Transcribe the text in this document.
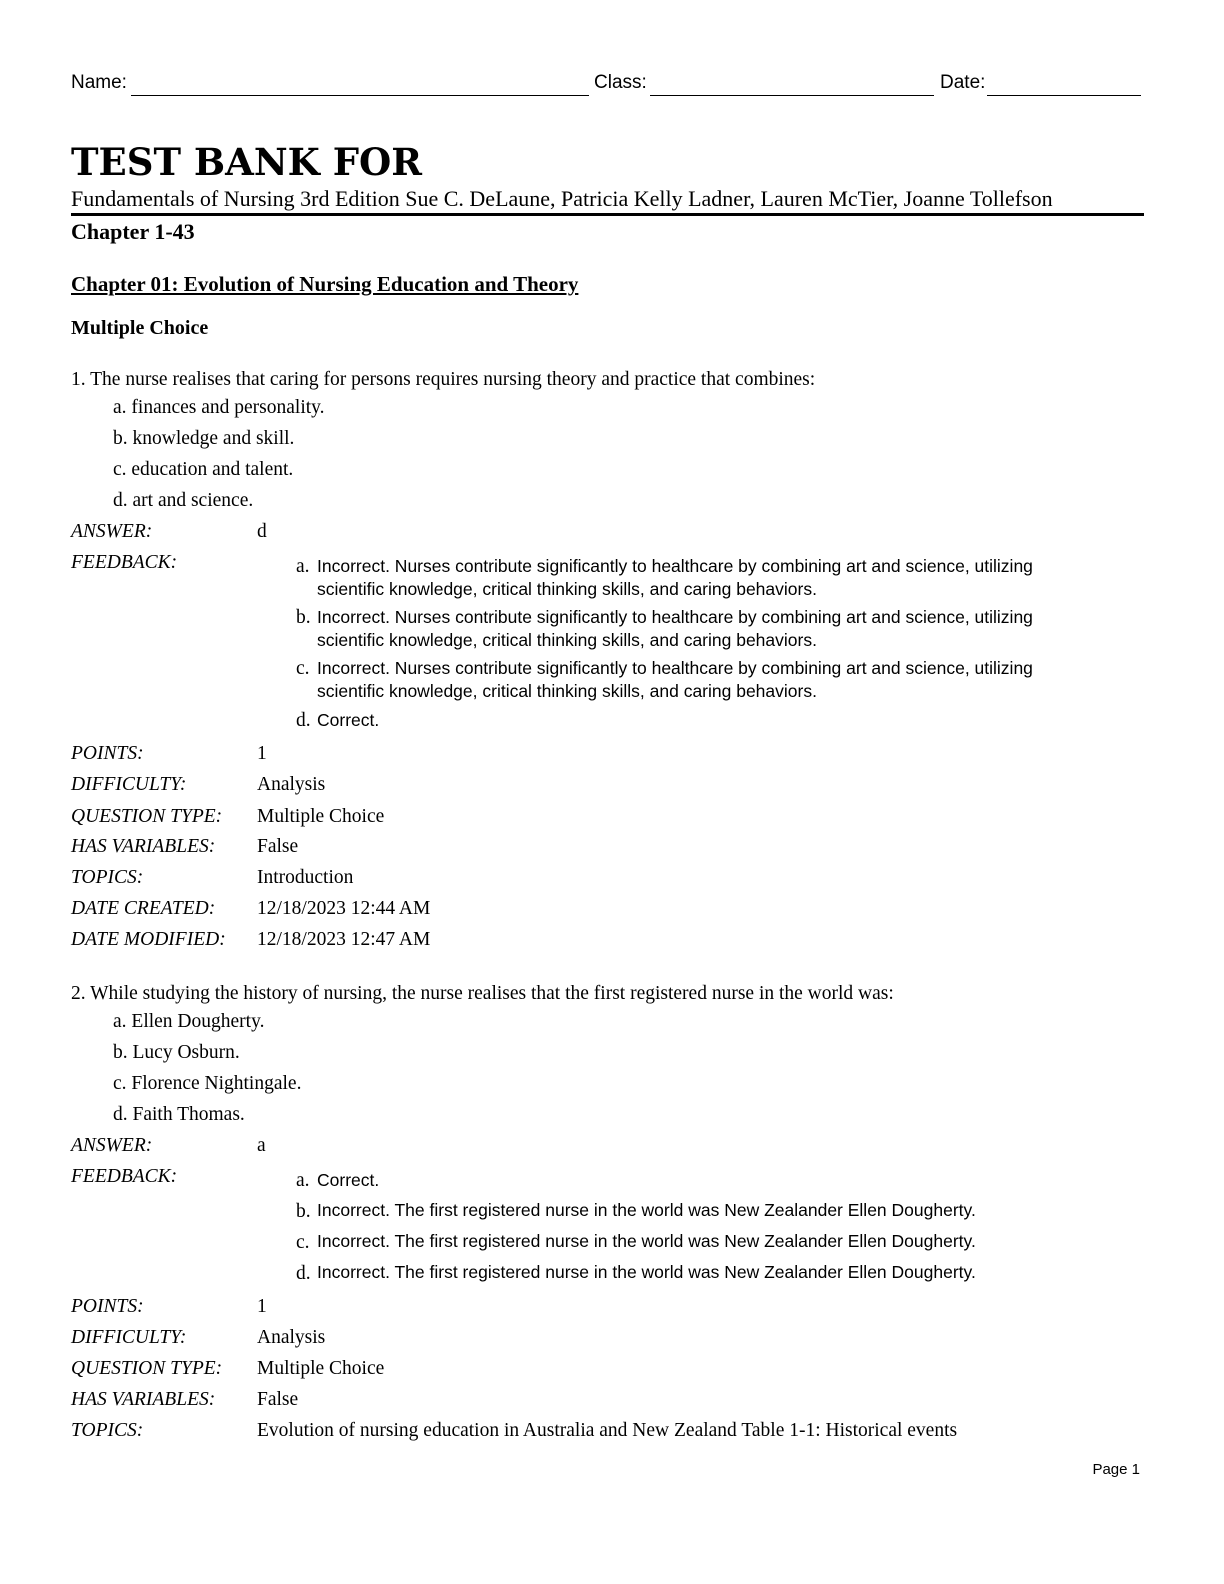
Name:	Class:	Date:
TEST BANK FOR
Fundamentals of Nursing 3rd Edition Sue C. DeLaune, Patricia Kelly Ladner, Lauren McTier, Joanne Tollefson
Chapter 1-43
Chapter 01: Evolution of Nursing Education and Theory
Multiple Choice
1. The nurse realises that caring for persons requires nursing theory and practice that combines:
a. finances and personality.
b. knowledge and skill.
c. education and talent.
d. art and science.
ANSWER:	d
FEEDBACK:	a. Incorrect. Nurses contribute significantly to healthcare by combining art and science, utilizing scientific knowledge, critical thinking skills, and caring behaviors.
b. Incorrect. Nurses contribute significantly to healthcare by combining art and science, utilizing scientific knowledge, critical thinking skills, and caring behaviors.
c. Incorrect. Nurses contribute significantly to healthcare by combining art and science, utilizing scientific knowledge, critical thinking skills, and caring behaviors.
d. Correct.
POINTS:	1
DIFFICULTY:	Analysis
QUESTION TYPE: Multiple Choice
HAS VARIABLES: False
TOPICS:	Introduction
DATE CREATED: 12/18/2023 12:44 AM
DATE MODIFIED: 12/18/2023 12:47 AM
2. While studying the history of nursing, the nurse realises that the first registered nurse in the world was:
a. Ellen Dougherty.
b. Lucy Osburn.
c. Florence Nightingale.
d. Faith Thomas.
ANSWER:	a
FEEDBACK:	a. Correct.
b. Incorrect. The first registered nurse in the world was New Zealander Ellen Dougherty.
c. Incorrect. The first registered nurse in the world was New Zealander Ellen Dougherty.
d. Incorrect. The first registered nurse in the world was New Zealander Ellen Dougherty.
POINTS:	1
DIFFICULTY:	Analysis
QUESTION TYPE: Multiple Choice
HAS VARIABLES: False
TOPICS:	Evolution of nursing education in Australia and New Zealand Table 1-1: Historical events
Page 1
